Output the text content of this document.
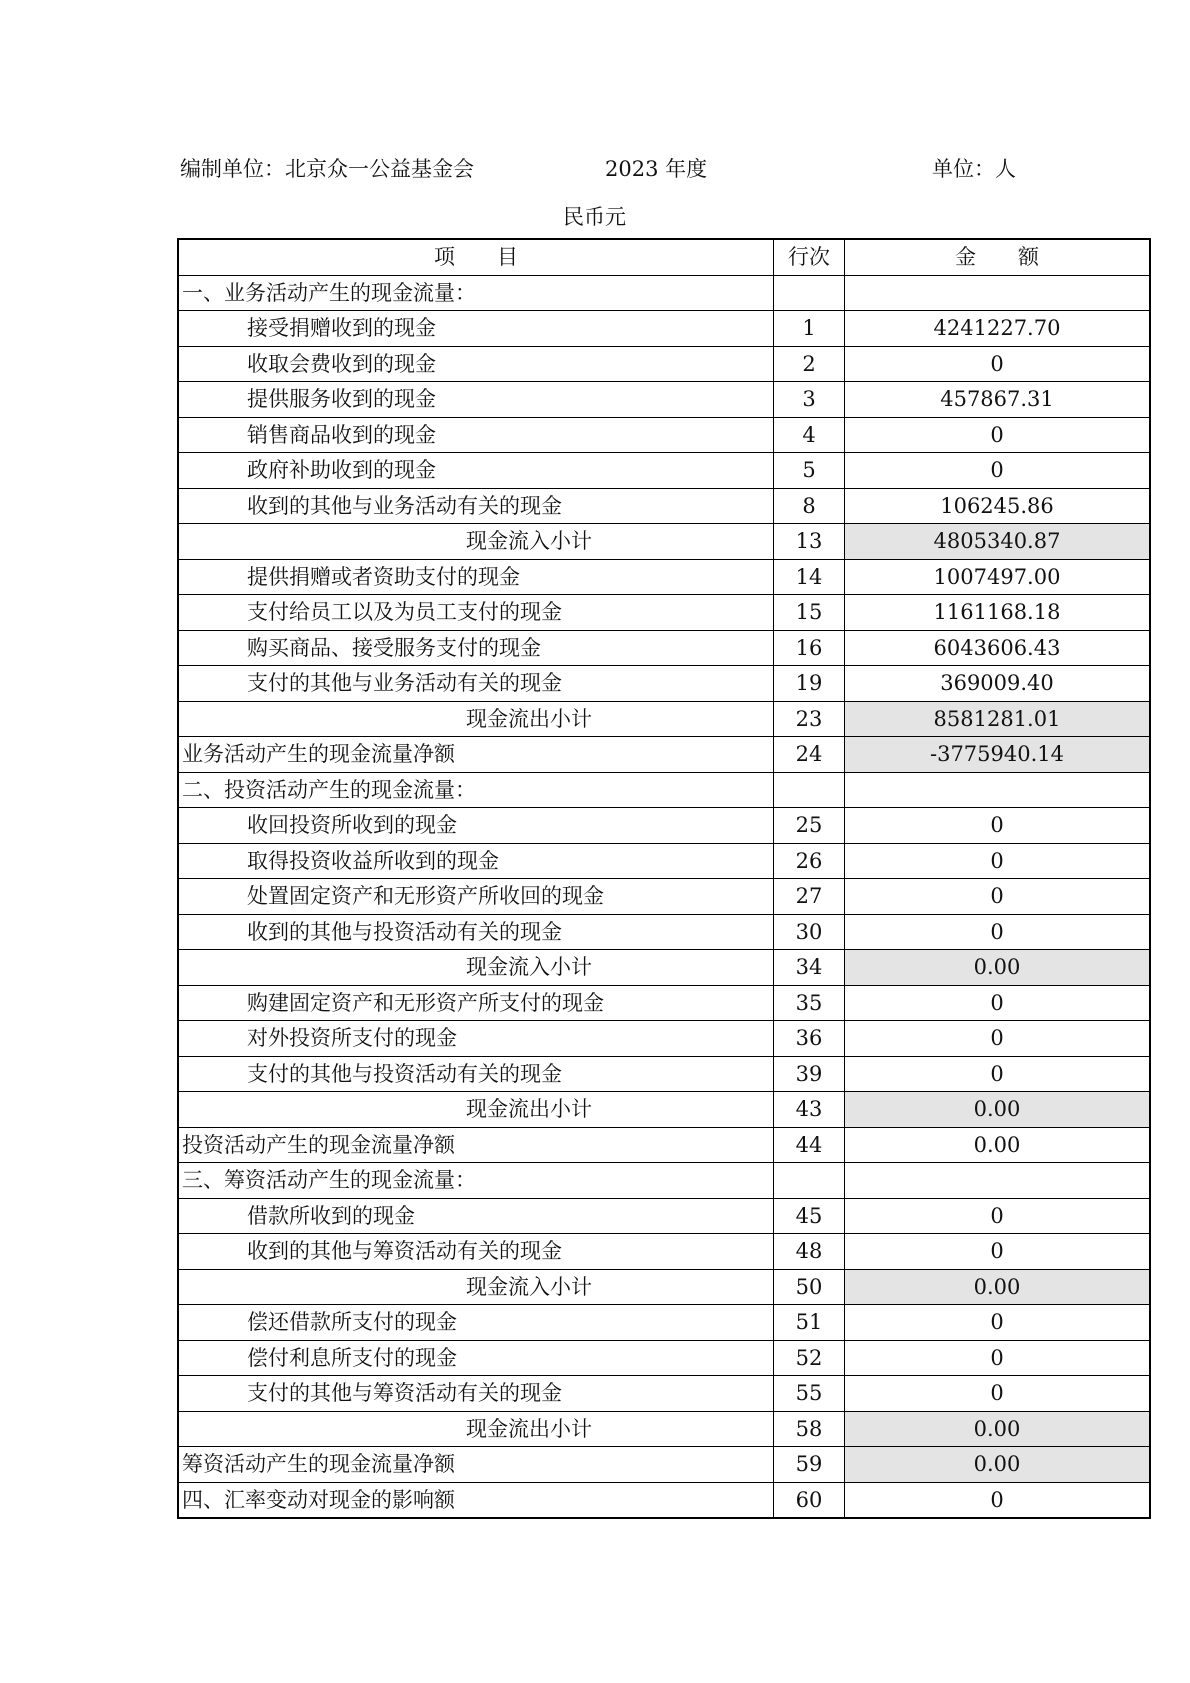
编制单位：北京众一公益基金会	2023 年度	单位：人
民币元
项　　目	行次	金　　额
一、业务活动产生的现金流量：		
接受捐赠收到的现金	1	4241227.70
收取会费收到的现金	2	0
提供服务收到的现金	3	457867.31
销售商品收到的现金	4	0
政府补助收到的现金	5	0
收到的其他与业务活动有关的现金	8	106245.86
现金流入小计	13	4805340.87
提供捐赠或者资助支付的现金	14	1007497.00
支付给员工以及为员工支付的现金	15	1161168.18
购买商品、接受服务支付的现金	16	6043606.43
支付的其他与业务活动有关的现金	19	369009.40
现金流出小计	23	8581281.01
业务活动产生的现金流量净额	24	-3775940.14
二、投资活动产生的现金流量：		
收回投资所收到的现金	25	0
取得投资收益所收到的现金	26	0
处置固定资产和无形资产所收回的现金	27	0
收到的其他与投资活动有关的现金	30	0
现金流入小计	34	0.00
购建固定资产和无形资产所支付的现金	35	0
对外投资所支付的现金	36	0
支付的其他与投资活动有关的现金	39	0
现金流出小计	43	0.00
投资活动产生的现金流量净额	44	0.00
三、筹资活动产生的现金流量：		
借款所收到的现金	45	0
收到的其他与筹资活动有关的现金	48	0
现金流入小计	50	0.00
偿还借款所支付的现金	51	0
偿付利息所支付的现金	52	0
支付的其他与筹资活动有关的现金	55	0
现金流出小计	58	0.00
筹资活动产生的现金流量净额	59	0.00
四、汇率变动对现金的影响额	60	0
